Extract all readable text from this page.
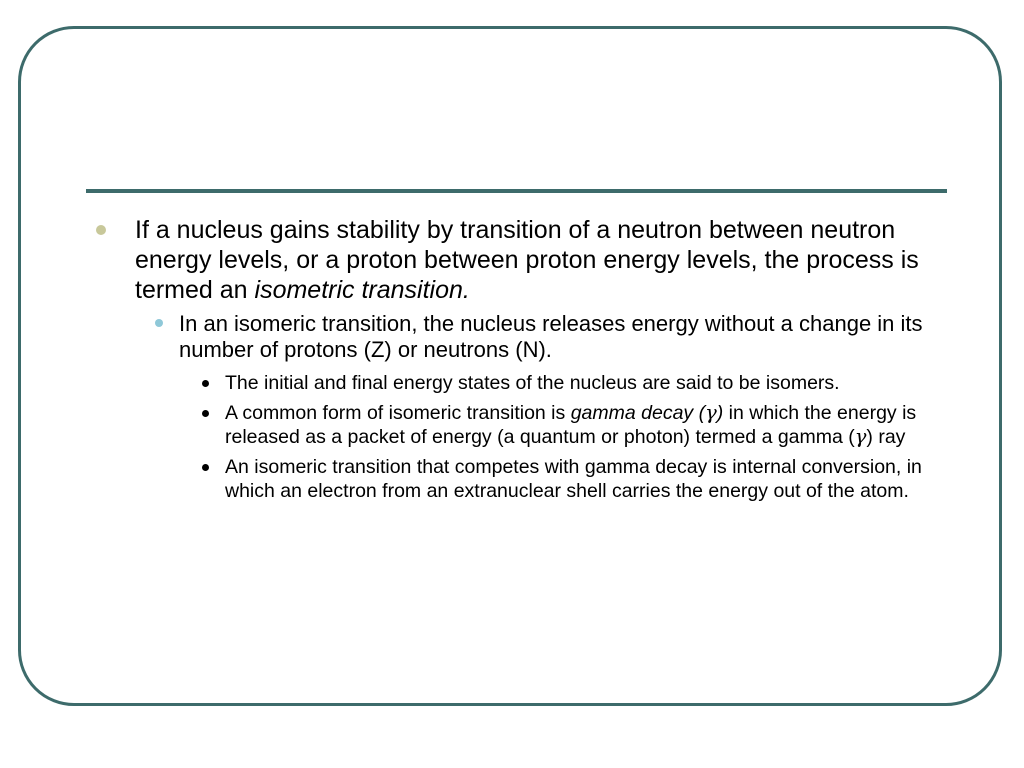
If a nucleus gains stability by transition of a neutron between neutron energy levels, or a proton between proton energy levels, the process is termed an isometric transition.
In an isomeric transition, the nucleus releases energy without a change in its number of protons (Z) or neutrons (N).
The initial and final energy states of the nucleus are said to be isomers.
A common form of isomeric transition is gamma decay (γ) in which the energy is released as a packet of energy (a quantum or photon) termed a gamma (γ) ray
An isomeric transition that competes with gamma decay is internal conversion, in which an electron from an extranuclear shell carries the energy out of the atom.
